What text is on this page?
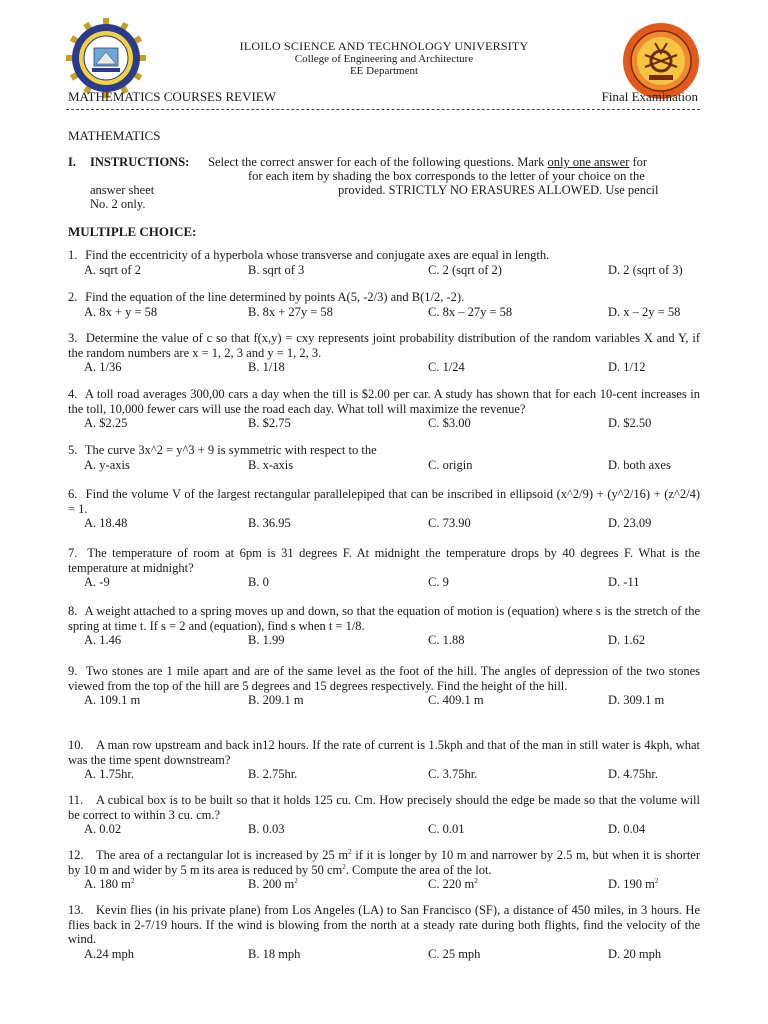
ILOILO SCIENCE AND TECHNOLOGY UNIVERSITY
College of Engineering and Architecture
EE Department
MATHEMATICS COURSES REVIEW	Final Examination
MATHEMATICS
I. INSTRUCTIONS: Select the correct answer for each of the following questions. Mark only one answer for
for each item by shading the box corresponds to the letter of your choice on the
answer sheet	provided. STRICTLY NO ERASURES ALLOWED. Use pencil
No. 2 only.
MULTIPLE CHOICE:
1. Find the eccentricity of a hyperbola whose transverse and conjugate axes are equal in length.
A. sqrt of 2	B. sqrt of 3	C. 2 (sqrt of 2)	D. 2 (sqrt of 3)
2. Find the equation of the line determined by points A(5, -2/3) and B(1/2, -2).
A. 8x + y = 58	B. 8x + 27y = 58	C. 8x – 27y = 58	D. x – 2y = 58
3. Determine the value of c so that f(x,y) = cxy represents joint probability distribution of the random variables X and Y, if the random numbers are x = 1, 2, 3 and y = 1, 2, 3.
A. 1/36	B. 1/18	C. 1/24	D. 1/12
4. A toll road averages 300,00 cars a day when the till is $2.00 per car. A study has shown that for each 10-cent increases in the toll, 10,000 fewer cars will use the road each day. What toll will maximize the revenue?
A. $2.25	B. $2.75	C. $3.00	D. $2.50
5. The curve 3x^2 = y^3 + 9 is symmetric with respect to the
A. y-axis	B. x-axis	C. origin	D. both axes
6. Find the volume V of the largest rectangular parallelepiped that can be inscribed in ellipsoid (x^2/9) + (y^2/16) + (z^2/4) = 1.
A. 18.48	B. 36.95	C. 73.90	D. 23.09
7. The temperature of room at 6pm is 31 degrees F. At midnight the temperature drops by 40 degrees F. What is the temperature at midnight?
A. -9	B. 0	C. 9	D. -11
8. A weight attached to a spring moves up and down, so that the equation of motion is (equation) where s is the stretch of the spring at time t. If s = 2 and (equation), find s when t = 1/8.
A. 1.46	B. 1.99	C. 1.88	D. 1.62
9. Two stones are 1 mile apart and are of the same level as the foot of the hill. The angles of depression of the two stones viewed from the top of the hill are 5 degrees and 15 degrees respectively. Find the height of the hill.
A. 109.1 m	B. 209.1 m	C. 409.1 m	D. 309.1 m
10. A man row upstream and back in12 hours. If the rate of current is 1.5kph and that of the man in still water is 4kph, what was the time spent downstream?
A. 1.75hr.	B. 2.75hr.	C. 3.75hr.	D. 4.75hr.
11. A cubical box is to be built so that it holds 125 cu. Cm. How precisely should the edge be made so that the volume will be correct to within 3 cu. cm.?
A. 0.02	B. 0.03	C. 0.01	D. 0.04
12. The area of a rectangular lot is increased by 25 $m^2$ if it is longer by 10 m and narrower by 2.5 m, but when it is shorter by 10 m and wider by 5 m its area is reduced by 50 $cm^2$. Compute the area of the lot.
A. 180 $m^2$	B. 200 $m^2$	C. 220 $m^2$	D. 190 $m^2$
13. Kevin flies (in his private plane) from Los Angeles (LA) to San Francisco (SF), a distance of 450 miles, in 3 hours. He flies back in 2-7/19 hours. If the wind is blowing from the north at a steady rate during both flights, find the velocity of the wind.
A.24 mph	B. 18 mph	C. 25 mph	D. 20 mph
